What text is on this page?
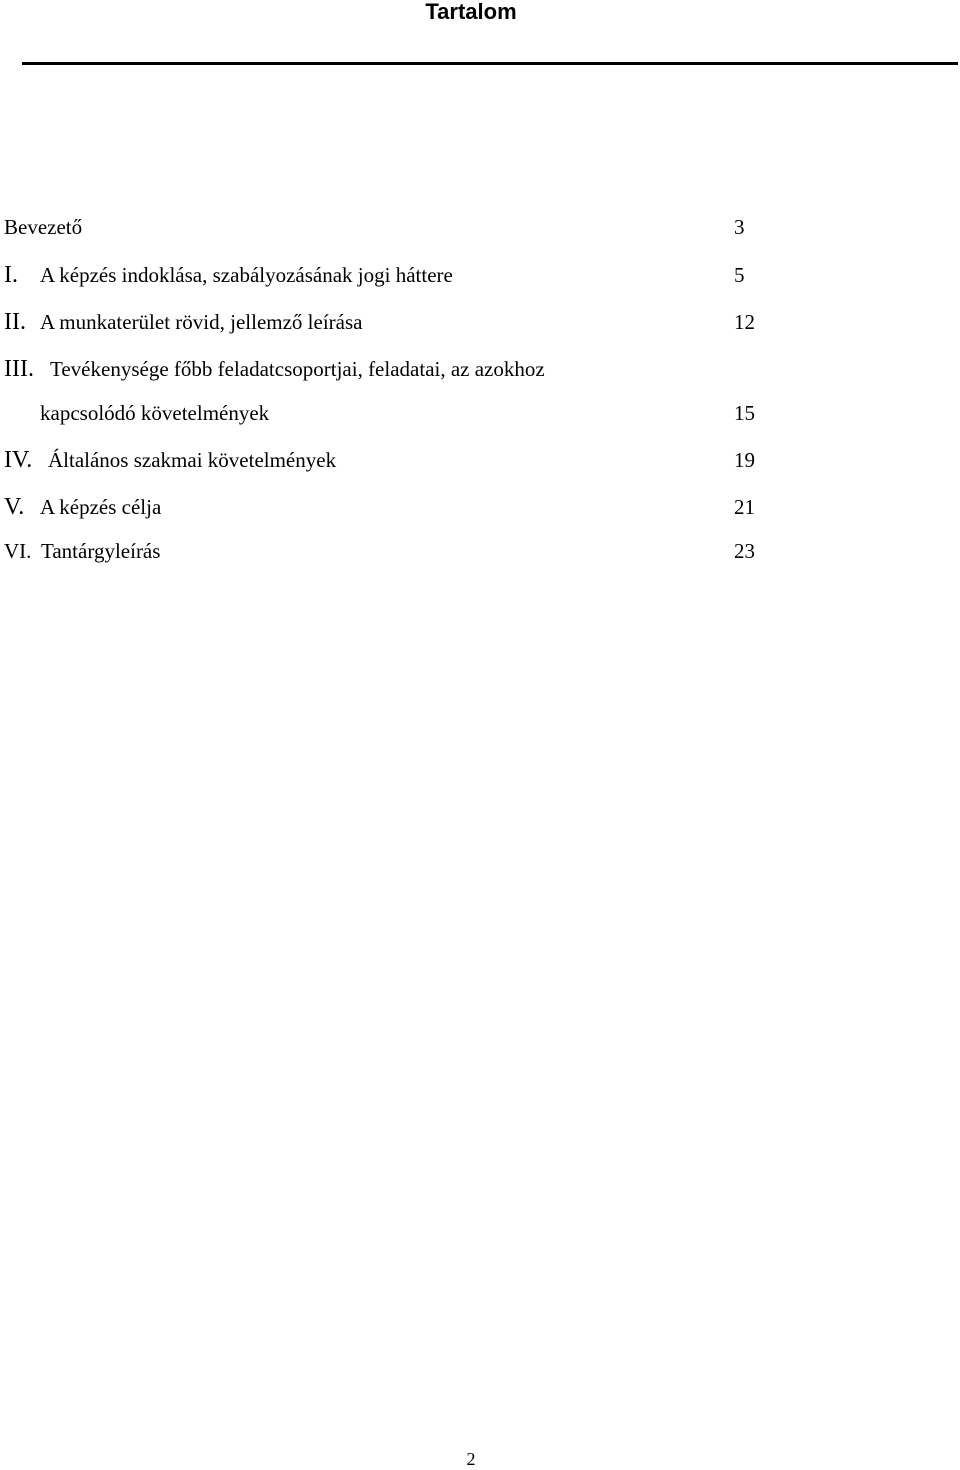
Tartalom
Bevezető	3
I. A képzés indoklása, szabályozásának jogi háttere	5
II. A munkaterület rövid, jellemző leírása	12
III. Tevékenysége főbb feladatcsoportjai, feladatai, az azokhoz
kapcsolódó követelmények	15
IV. Általános szakmai követelmények	19
V. A képzés célja	21
VI. Tantárgyleírás	23
2
